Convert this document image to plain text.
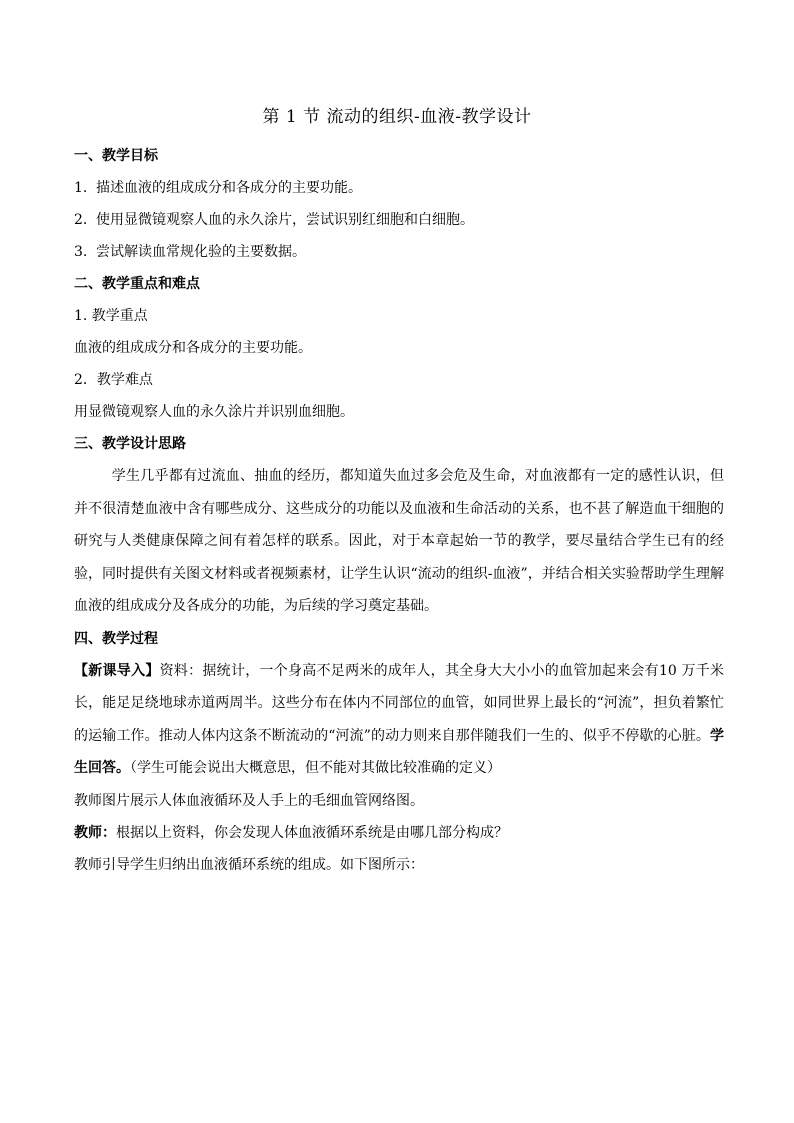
第 1 节 流动的组织-血液-教学设计
一、教学目标
1. 描述血液的组成成分和各成分的主要功能。
2. 使用显微镜观察人血的永久涂片，尝试识别红细胞和白细胞。
3. 尝试解读血常规化验的主要数据。
二、教学重点和难点
1. 教学重点
血液的组成成分和各成分的主要功能。
2．教学难点
用显微镜观察人血的永久涂片并识别血细胞。
三、教学设计思路
学生几乎都有过流血、抽血的经历，都知道失血过多会危及生命，对血液都有一定的感性认识，但并不很清楚血液中含有哪些成分、这些成分的功能以及血液和生命活动的关系，也不甚了解造血干细胞的研究与人类健康保障之间有着怎样的联系。因此，对于本章起始一节的教学，要尽量结合学生已有的经验，同时提供有关图文材料或者视频素材，让学生认识“流动的组织-血液”，并结合相关实验帮助学生理解血液的组成成分及各成分的功能，为后续的学习奠定基础。
四、教学过程
【新课导入】资料：据统计，一个身高不足两米的成年人，其全身大大小小的血管加起来会有10 万千米长，能足足绕地球赤道两周半。这些分布在体内不同部位的血管，如同世界上最长的“河流”，担负着繁忙的运输工作。推动人体内这条不断流动的“河流”的动力则来自那伴随我们一生的、似乎不停歇的心脏。学生回答。（学生可能会说出大概意思，但不能对其做比较准确的定义）
教师图片展示人体血液循环及人手上的毛细血管网络图。
教师：根据以上资料，你会发现人体血液循环系统是由哪几部分构成？
教师引导学生归纳出血液循环系统的组成。如下图所示：
